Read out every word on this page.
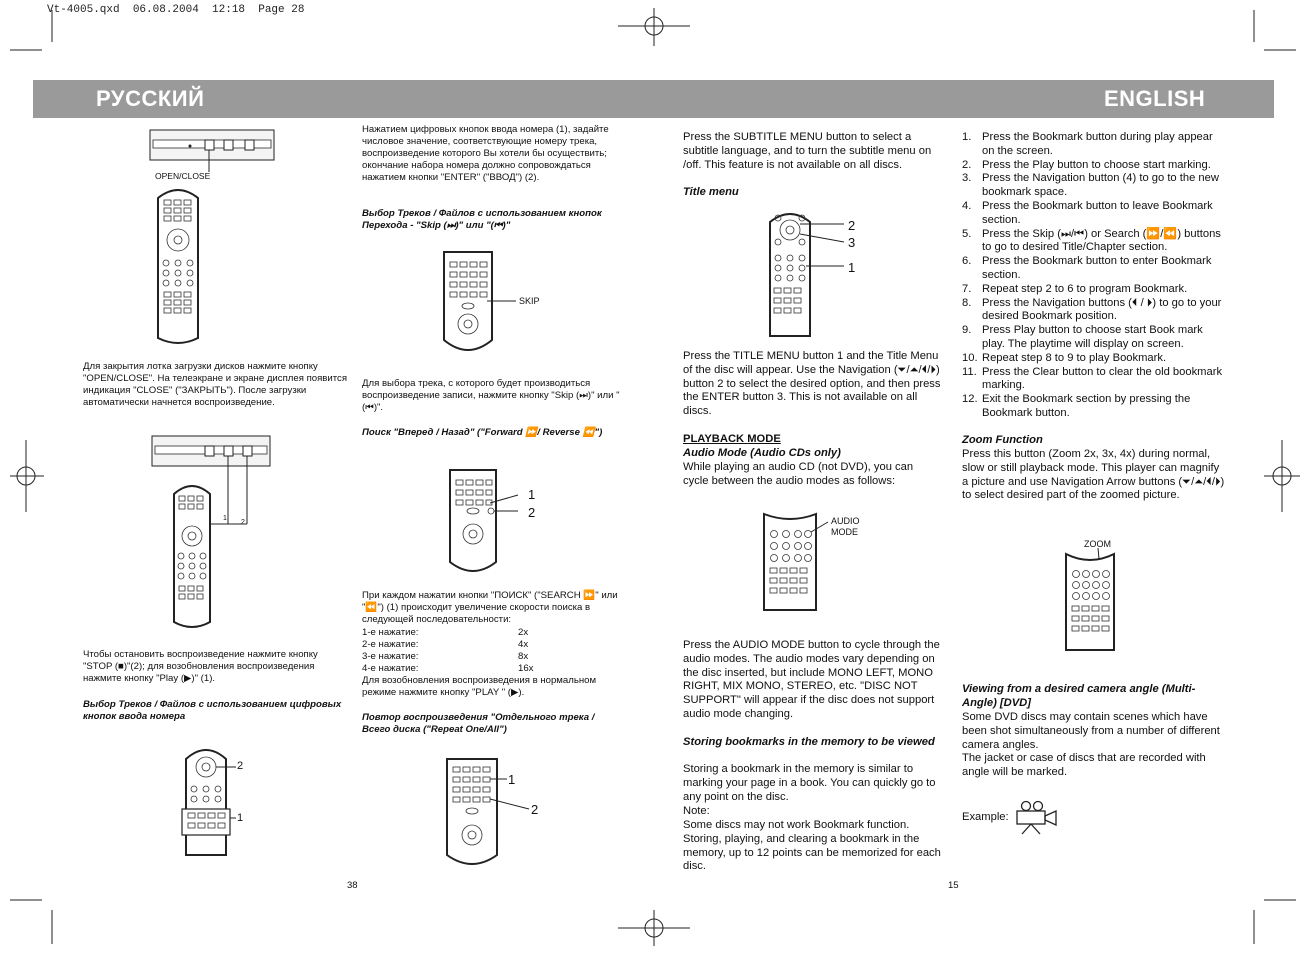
Vt-4005.qxd  06.08.2004  12:18  Page 28
РУССКИЙ	ENGLISH
OPEN/CLOSE
Для закрытия лотка загрузки дисков нажмите кнопку "OPEN/CLOSE". На телеэкране и экране дисплея появится индикация "CLOSE" ("ЗАКРЫТЬ"). После загрузки автоматически начнется воспроизведение.
1
2
Чтобы остановить воспроизведение нажмите кнопку "STOP (■)"(2); для возобновления воспроизведения нажмите кнопку "Play (▶)" (1).
Выбор Треков / Файлов с использованием цифровых кнопок ввода номера
2
1
38
Нажатием цифровых кнопок ввода номера (1), задайте числовое значение, соответствующие номеру трека, воспроизведение которого Вы хотели бы осуществить; окончание набора номера должно сопровождаться нажатием кнопки "ENTER" ("ВВОД") (2).
Выбор Треков / Файлов с использованием кнопок Перехода - "Skip (⏭)" или "(⏮)"
SKIP
Для выбора трека, с которого будет производиться воспроизведение записи, нажмите кнопку "Skip (⏭)" или "(⏮)".
Поиск "Вперед / Назад" ("Forward ⏩/ Reverse ⏪")
1
2
При каждом нажатии кнопки "ПОИСК" ("SEARCH ⏩" или "⏪") (1) происходит увеличение скорости поиска в следующей последовательности:
1-е нажатие:	2x
2-е нажатие:	4x
3-е нажатие:	8x
4-е нажатие:	16x
Для возобновления воспроизведения в нормальном режиме нажмите кнопку "PLAY " (▶).
Повтор воспроизведения "Отдельного трека / Всего диска ("Repeat One/All")
1
2
Press the SUBTITLE MENU button to select a subtitle language, and to turn the subtitle menu on /off. This feature is not available on all discs.
Title menu
2
3
1
Press the TITLE MENU button 1 and the Title Menu of the disc will appear. Use the Navigation (⏷/⏶/⏴/⏵) button 2 to select the desired option, and then press the ENTER button 3. This is not available on all discs.
PLAYBACK MODE
Audio Mode (Audio CDs only)
While playing an audio CD (not DVD), you can cycle between the audio modes as follows:
AUDIO
MODE
Press the AUDIO MODE button to cycle through the audio modes. The audio modes vary depending on the disc inserted, but include MONO LEFT, MONO RIGHT, MIX MONO, STEREO, etc. "DISC NOT SUPPORT" will appear if the disc does not support audio mode changing.
Storing bookmarks in the memory to be viewed
Storing a bookmark in the memory is similar to marking your page in a book. You can quickly go to any point on the disc.
Note:
Some discs may not work Bookmark function. Storing, playing, and clearing a bookmark in the memory, up to 12 points can be memorized for each disc.
1. Press the Bookmark button during play appear on the screen.
2. Press the Play button to choose start marking.
3. Press the Navigation button (4) to go to the new bookmark space.
4. Press the Bookmark button to leave Bookmark section.
5. Press the Skip (⏭/⏮) or Search (⏩/⏪) buttons to go to desired Title/Chapter section.
6. Press the Bookmark button to enter Bookmark section.
7. Repeat step 2 to 6 to program Bookmark.
8. Press the Navigation buttons (⏴ / ⏵) to go to your desired Bookmark position.
9. Press Play button to choose start Book mark play. The playtime will display on screen.
10. Repeat step 8 to 9 to play Bookmark.
11. Press the Clear button to clear the old bookmark marking.
12. Exit the Bookmark section by pressing the Bookmark button.
Zoom Function
Press this button (Zoom 2x, 3x, 4x) during normal, slow or still playback mode. This player can magnify a picture and use Navigation Arrow buttons (⏷/⏶/⏴/⏵) to select desired part of the zoomed picture.
ZOOM
Viewing from a desired camera angle (Multi-Angle) [DVD]
Some DVD discs may contain scenes which have been shot simultaneously from a number of different camera angles.
The jacket or case of discs that are recorded with angle will be marked.
Example:
15
